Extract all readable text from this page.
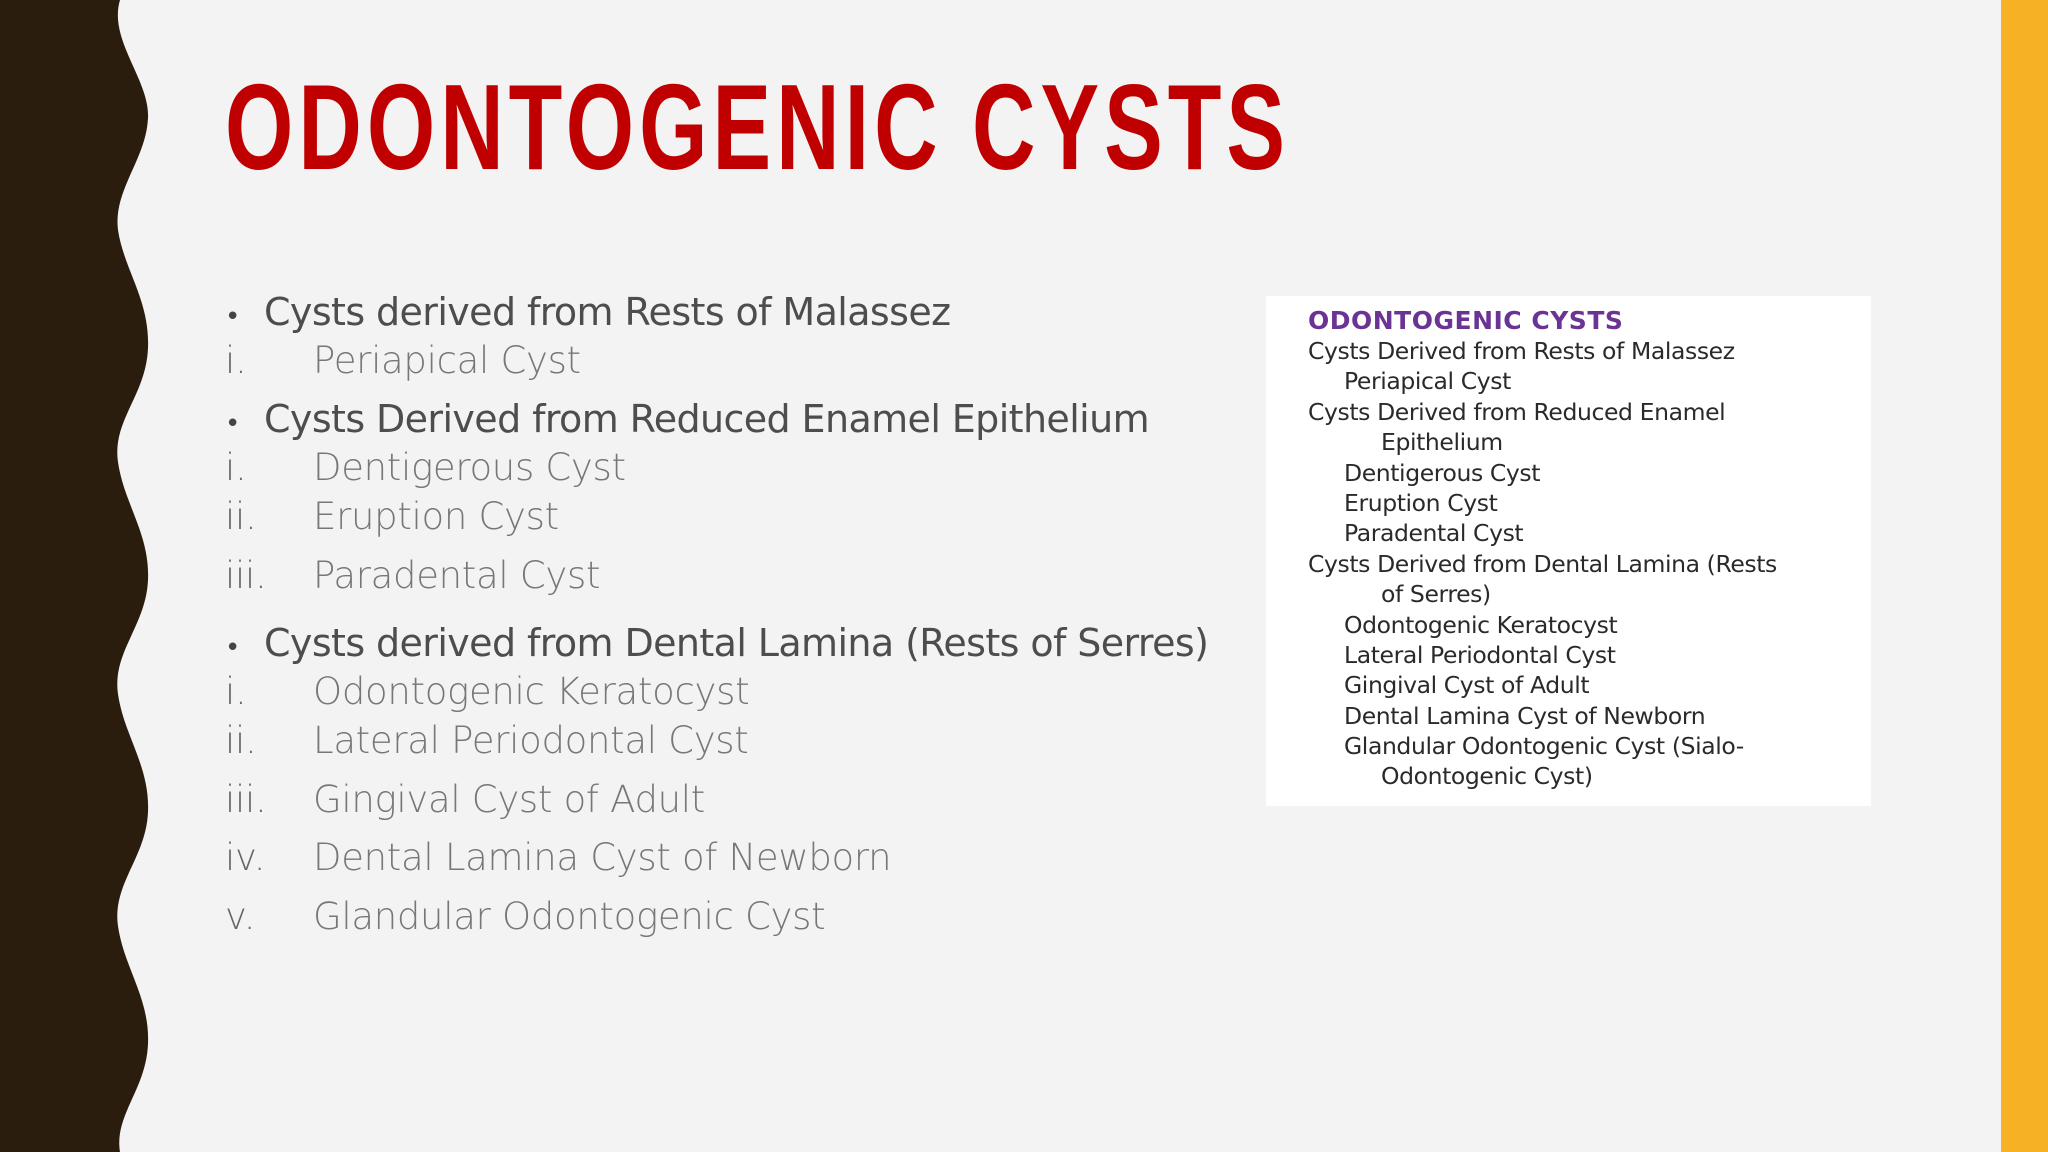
ODONTOGENIC CYSTS
• Cysts derived from Rests of Malassez
i.	Periapical Cyst
• Cysts Derived from Reduced Enamel Epithelium
i.	Dentigerous Cyst
ii.	Eruption Cyst
iii.	Paradental Cyst
• Cysts derived from Dental Lamina (Rests of Serres)
i.	Odontogenic Keratocyst
ii.	Lateral Periodontal Cyst
iii.	Gingival Cyst of Adult
iv.	Dental Lamina Cyst of Newborn
v.	Glandular Odontogenic Cyst
ODONTOGENIC CYSTS
Cysts Derived from Rests of Malassez
Periapical Cyst
Cysts Derived from Reduced Enamel
Epithelium
Dentigerous Cyst
Eruption Cyst
Paradental Cyst
Cysts Derived from Dental Lamina (Rests
of Serres)
Odontogenic Keratocyst
Lateral Periodontal Cyst
Gingival Cyst of Adult
Dental Lamina Cyst of Newborn
Glandular Odontogenic Cyst (Sialo-
Odontogenic Cyst)
